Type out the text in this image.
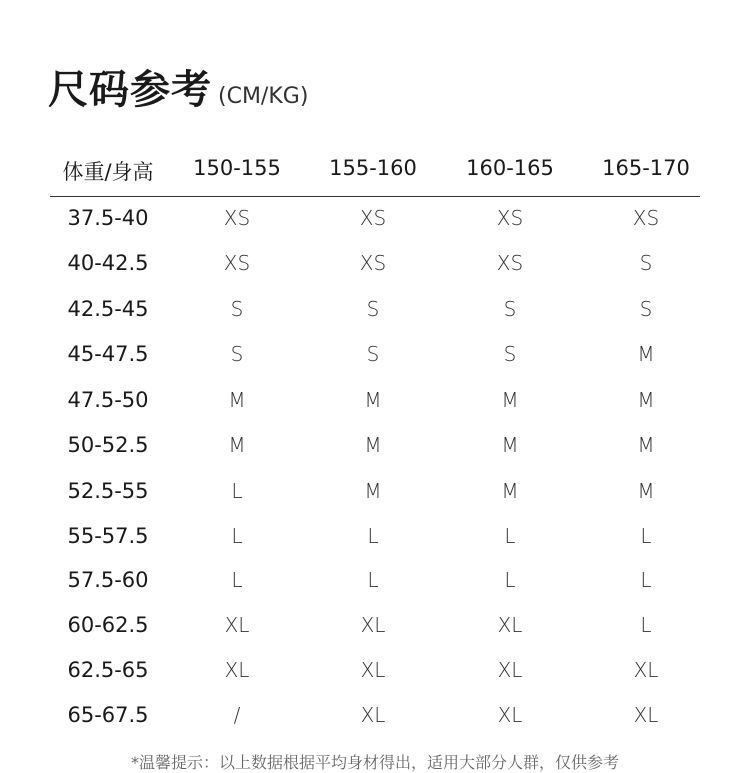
尺码参考 (CM/KG)
体重/身高 150-155 155-160 160-165 165-170
37.5-40	XS	XS	XS	XS
40-42.5	XS	XS	XS	S
42.5-45	S	S	S	S
45-47.5	S	S	S	M
47.5-50	M	M	M	M
50-52.5	M	M	M	M
52.5-55	L	M	M	M
55-57.5	L	L	L	L
57.5-60	L	L	L	L
60-62.5	XL	XL	XL	L
62.5-65	XL	XL	XL	XL
65-67.5	/	XL	XL	XL
*温馨提示：以上数据根据平均身材得出，适用大部分人群，仅供参考
